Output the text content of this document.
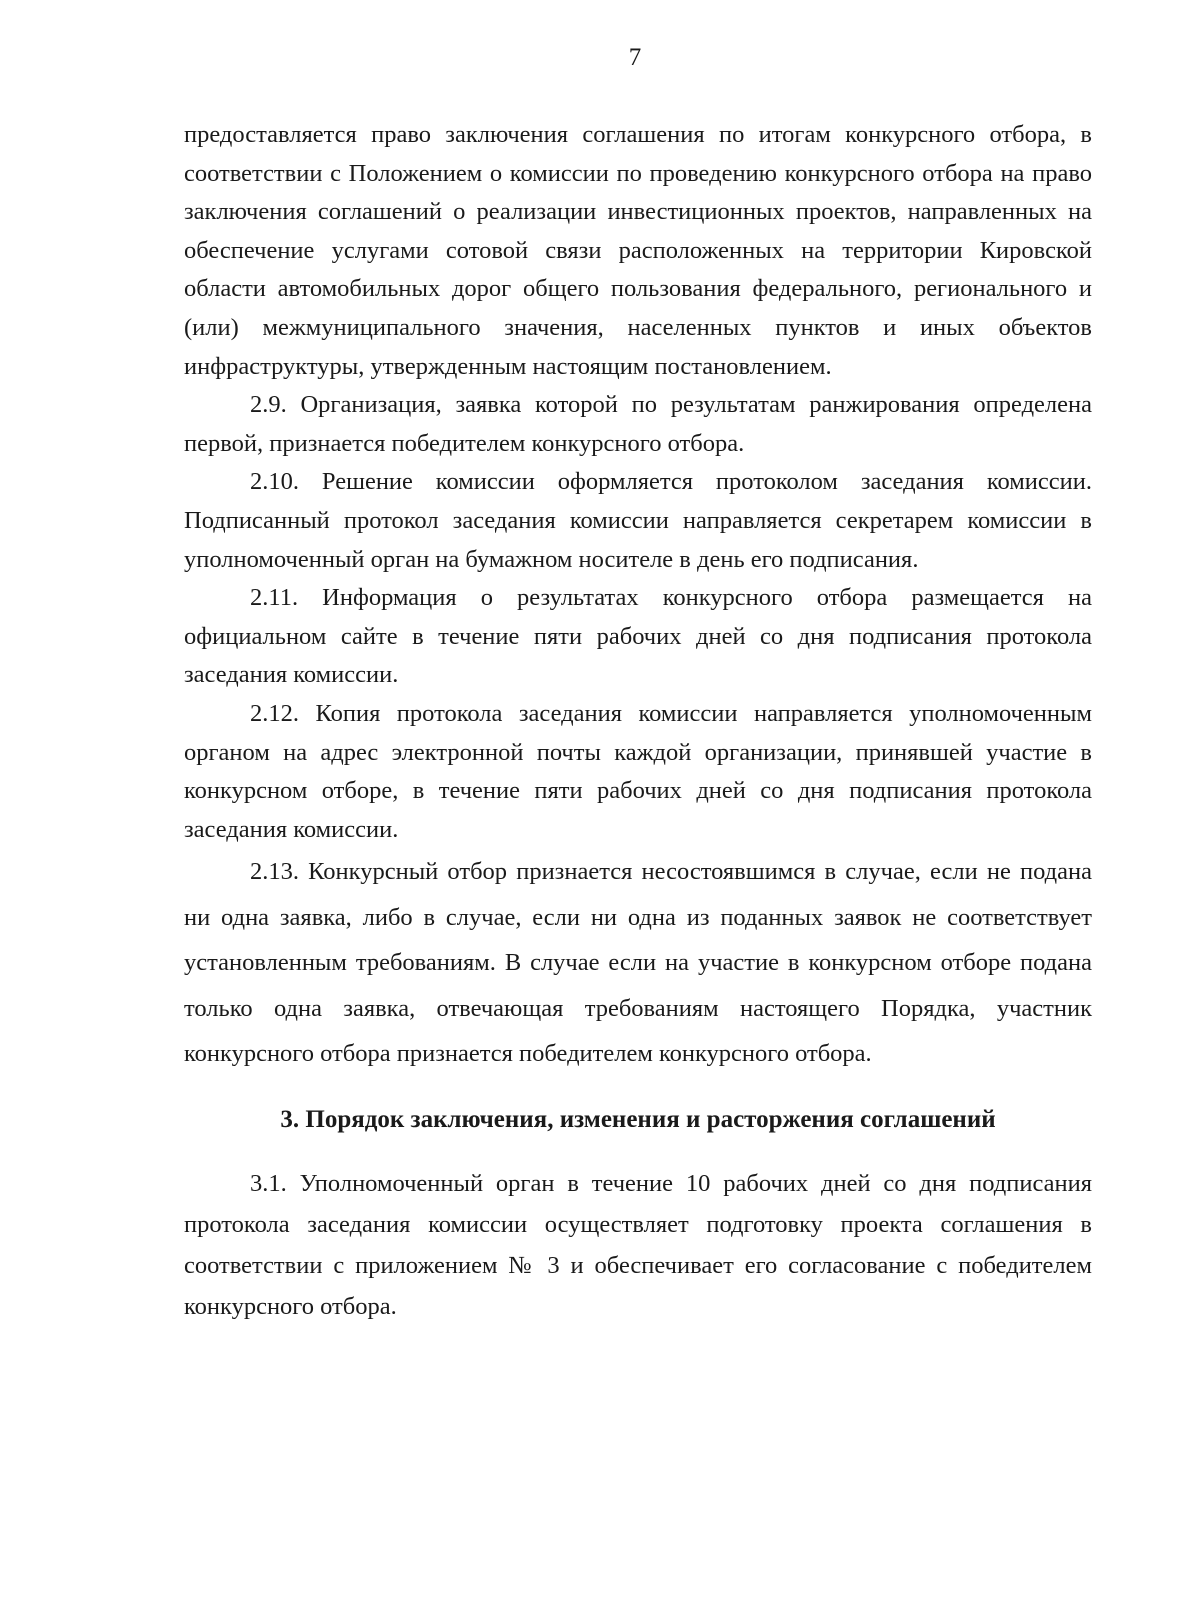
7

предоставляется право заключения соглашения по итогам конкурсного отбора, в соответствии с Положением о комиссии по проведению конкурсного отбора на право заключения соглашений о реализации инвестиционных проектов, направленных на обеспечение услугами сотовой связи расположенных на территории Кировской области автомобильных дорог общего пользования федерального, регионального и (или) межмуниципального значения, населенных пунктов и иных объектов инфраструктуры, утвержденным настоящим постановлением.

2.9. Организация, заявка которой по результатам ранжирования определена первой, признается победителем конкурсного отбора.

2.10. Решение комиссии оформляется протоколом заседания комиссии. Подписанный протокол заседания комиссии направляется секретарем комиссии в уполномоченный орган на бумажном носителе в день его подписания.

2.11. Информация о результатах конкурсного отбора размещается на официальном сайте в течение пяти рабочих дней со дня подписания протокола заседания комиссии.

2.12. Копия протокола заседания комиссии направляется уполномоченным органом на адрес электронной почты каждой организации, принявшей участие в конкурсном отборе, в течение пяти рабочих дней со дня подписания протокола заседания комиссии.

2.13. Конкурсный отбор признается несостоявшимся в случае, если не подана ни одна заявка, либо в случае, если ни одна из поданных заявок не соответствует установленным требованиям. В случае если на участие в конкурсном отборе подана только одна заявка, отвечающая требованиям настоящего Порядка, участник конкурсного отбора признается победителем конкурсного отбора.

3. Порядок заключения, изменения и расторжения соглашений

3.1. Уполномоченный орган в течение 10 рабочих дней со дня подписания протокола заседания комиссии осуществляет подготовку проекта соглашения в соответствии с приложением № 3 и обеспечивает его согласование с победителем конкурсного отбора.
